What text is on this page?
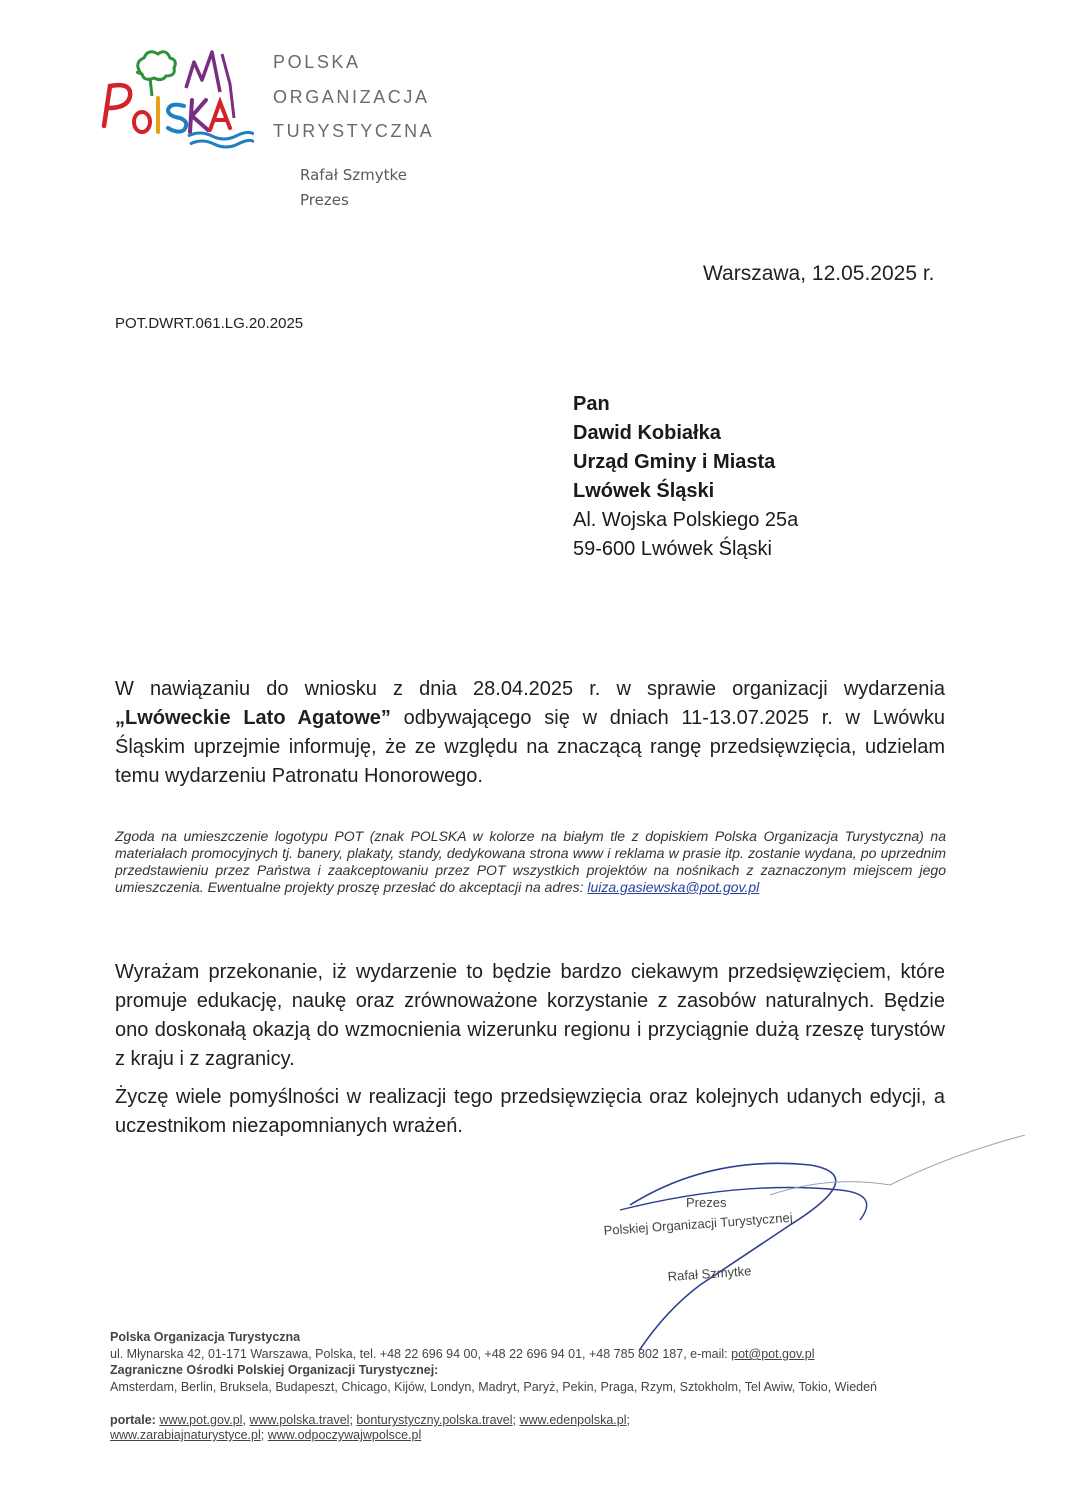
POLSKA
ORGANIZACJA
TURYSTYCZNA
Rafał Szmytke
Prezes
Warszawa, 12.05.2025 r.
POT.DWRT.061.LG.20.2025
Pan
Dawid Kobiałka
Urząd Gminy i Miasta
Lwówek Śląski
Al. Wojska Polskiego 25a
59-600 Lwówek Śląski
W nawiązaniu do wniosku z dnia 28.04.2025 r. w sprawie organizacji wydarzenia „Lwóweckie Lato Agatowe” odbywającego się w dniach 11-13.07.2025 r. w Lwówku Śląskim uprzejmie informuję, że ze względu na znaczącą rangę przedsięwzięcia, udzielam temu wydarzeniu Patronatu Honorowego.
Zgoda na umieszczenie logotypu POT (znak POLSKA w kolorze na białym tle z dopiskiem Polska Organizacja Turystyczna) na materiałach promocyjnych tj. banery, plakaty, standy, dedykowana strona www i reklama w prasie itp. zostanie wydana, po uprzednim przedstawieniu przez Państwa i zaakceptowaniu przez POT wszystkich projektów na nośnikach z zaznaczonym miejscem jego umieszczenia. Ewentualne projekty proszę przesłać do akceptacji na adres: luiza.gasiewska@pot.gov.pl
Wyrażam przekonanie, iż wydarzenie to będzie bardzo ciekawym przedsięwzięciem, które promuje edukację, naukę oraz zrównoważone korzystanie z zasobów naturalnych. Będzie ono doskonałą okazją do wzmocnienia wizerunku regionu i przyciągnie dużą rzeszę turystów z kraju i z zagranicy.
Życzę wiele pomyślności w realizacji tego przedsięwzięcia oraz kolejnych udanych edycji, a uczestnikom niezapomnianych wrażeń.
Prezes
Polskiej Organizacji Turystycznej
Rafał Szmytke
Polska Organizacja Turystyczna
ul. Młynarska 42, 01-171 Warszawa, Polska, tel. +48 22 696 94 00, +48 22 696 94 01, +48 785 802 187, e-mail: pot@pot.gov.pl
Zagraniczne Ośrodki Polskiej Organizacji Turystycznej:
Amsterdam, Berlin, Bruksela, Budapeszt, Chicago, Kijów, Londyn, Madryt, Paryż, Pekin, Praga, Rzym, Sztokholm, Tel Awiw, Tokio, Wiedeń
portale: www.pot.gov.pl, www.polska.travel; bonturystyczny.polska.travel; www.edenpolska.pl;
www.zarabiajnaturystyce.pl; www.odpoczywajwpolsce.pl
